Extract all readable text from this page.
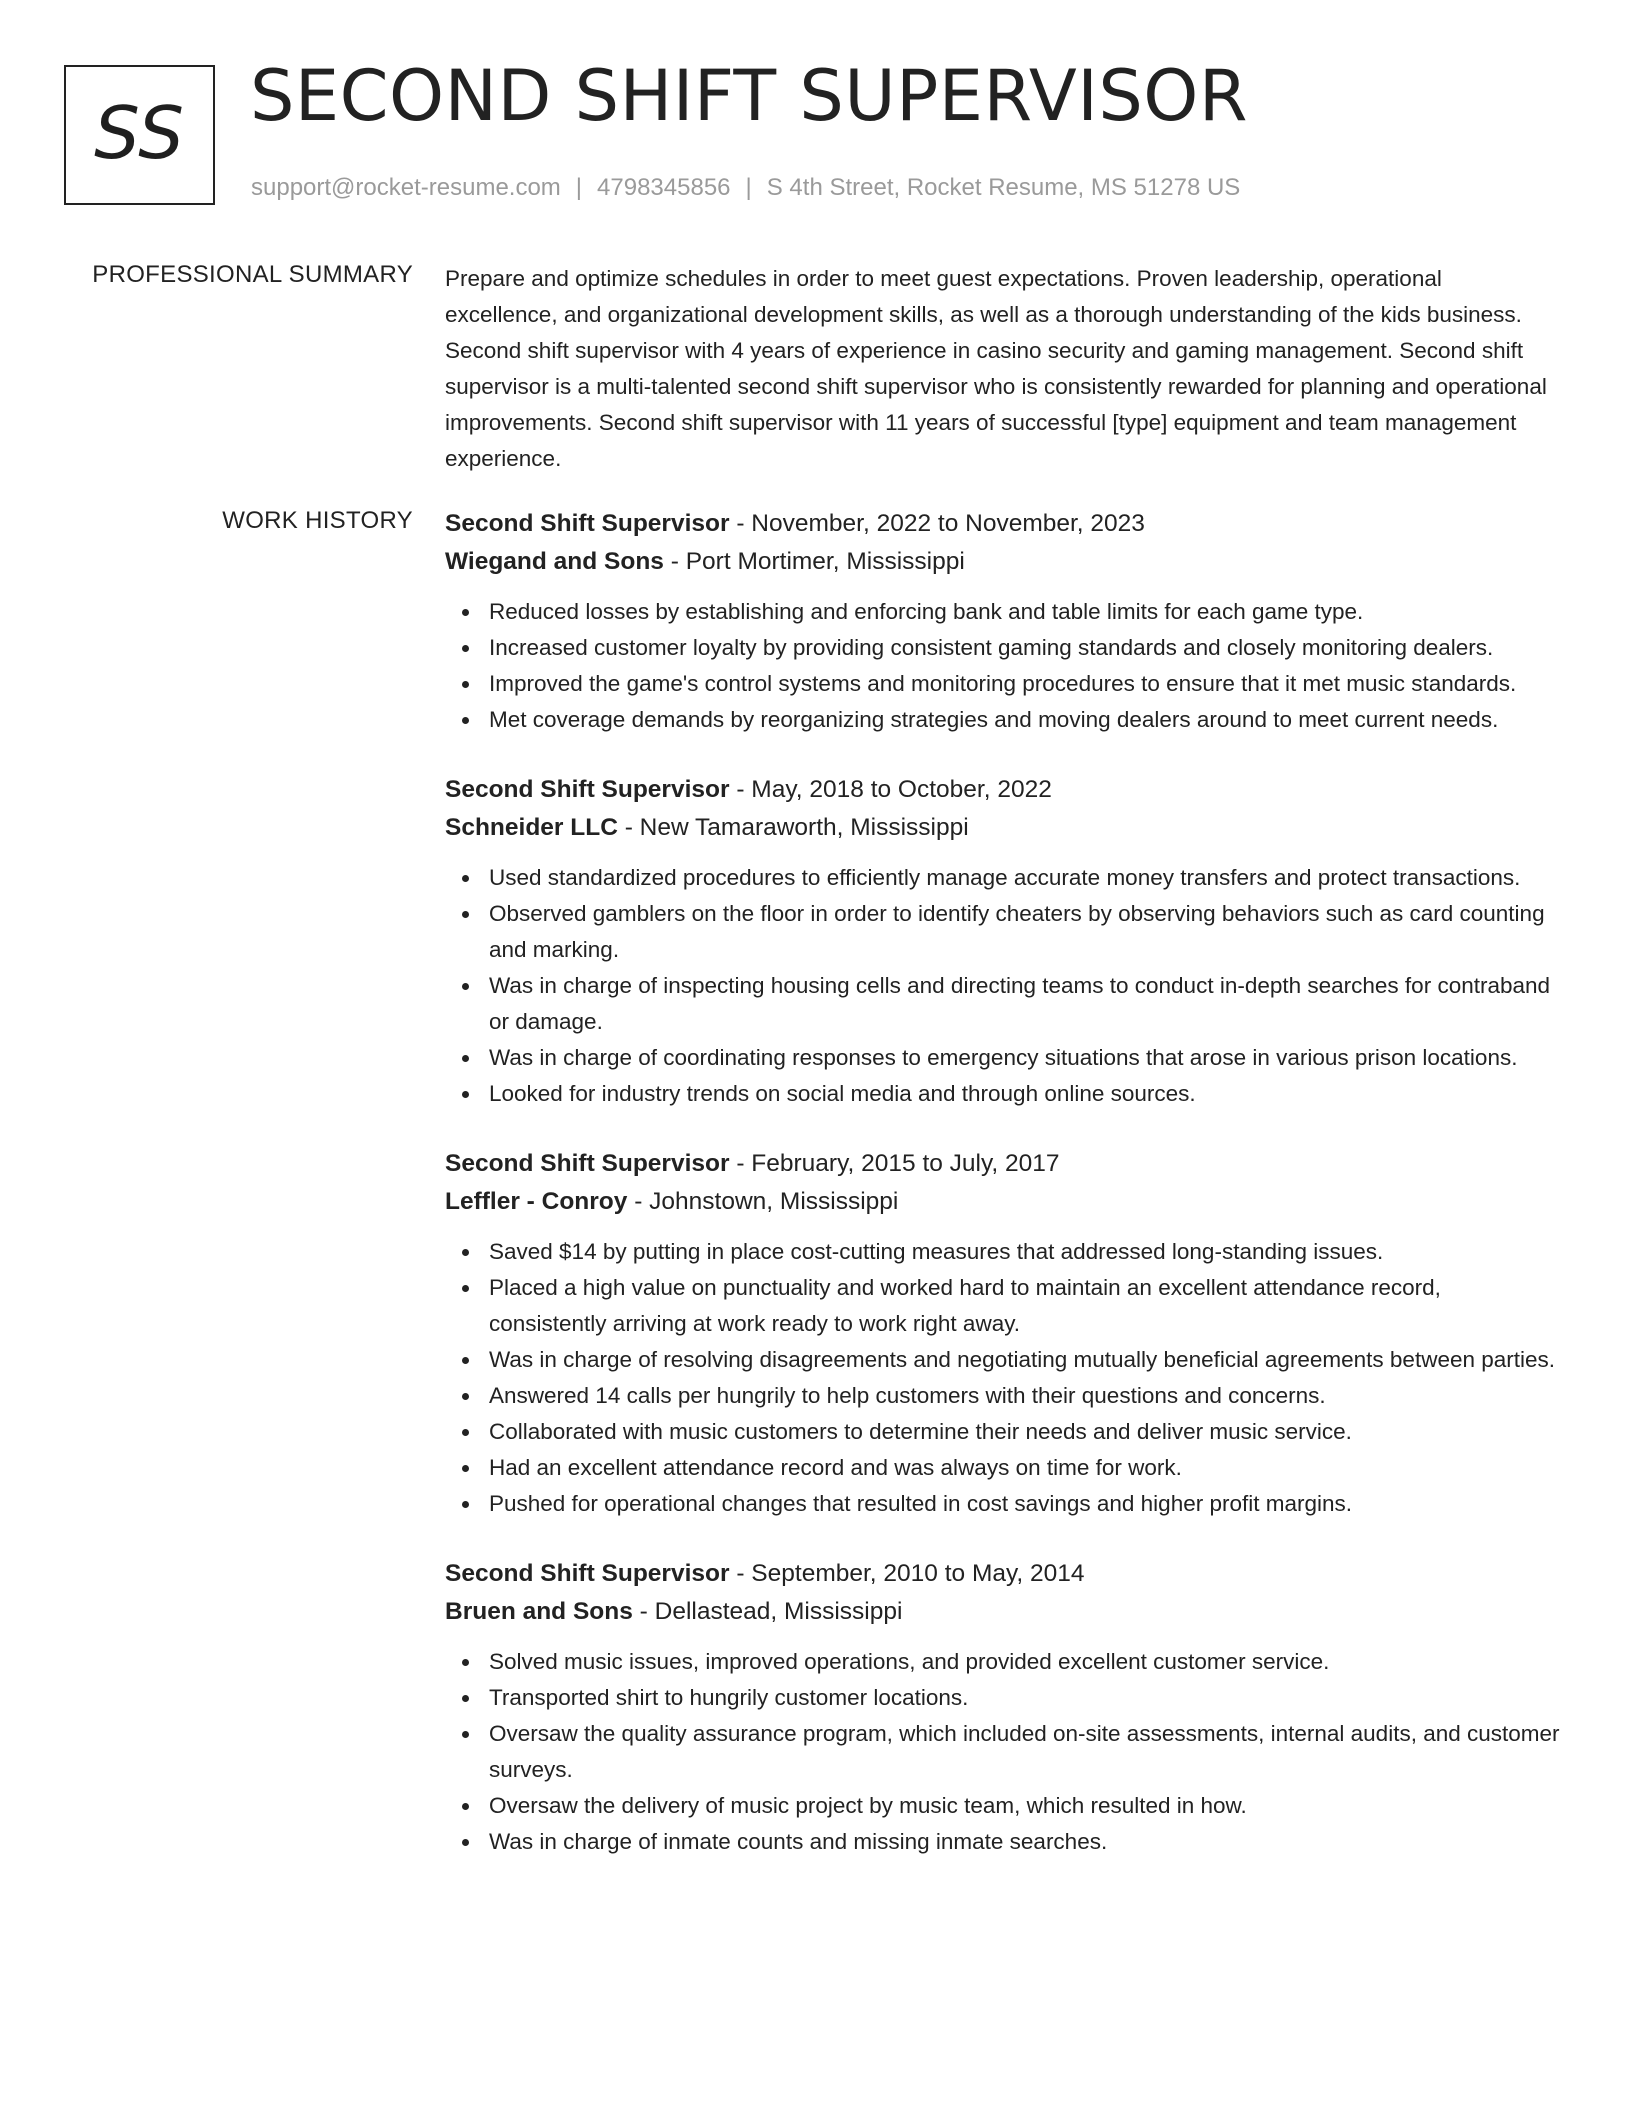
SS SECOND SHIFT SUPERVISOR
support@rocket-resume.com | 4798345856 | S 4th Street, Rocket Resume, MS 51278 US
PROFESSIONAL SUMMARY Prepare and optimize schedules in order to meet guest expectations. Proven leadership, operational excellence, and organizational development skills, as well as a thorough understanding of the kids business. Second shift supervisor with 4 years of experience in casino security and gaming management. Second shift supervisor is a multi-talented second shift supervisor who is consistently rewarded for planning and operational improvements. Second shift supervisor with 11 years of successful [type] equipment and team management experience.

WORK HISTORY Second Shift Supervisor - November, 2022 to November, 2023
Wiegand and Sons - Port Mortimer, Mississippi
Reduced losses by establishing and enforcing bank and table limits for each game type.
Increased customer loyalty by providing consistent gaming standards and closely monitoring dealers.
Improved the game's control systems and monitoring procedures to ensure that it met music standards.
Met coverage demands by reorganizing strategies and moving dealers around to meet current needs.
Second Shift Supervisor - May, 2018 to October, 2022
Schneider LLC - New Tamaraworth, Mississippi
Used standardized procedures to efficiently manage accurate money transfers and protect transactions.
Observed gamblers on the floor in order to identify cheaters by observing behaviors such as card counting and marking.
Was in charge of inspecting housing cells and directing teams to conduct in-depth searches for contraband or damage.
Was in charge of coordinating responses to emergency situations that arose in various prison locations.
Looked for industry trends on social media and through online sources.
Second Shift Supervisor - February, 2015 to July, 2017
Leffler - Conroy - Johnstown, Mississippi
Saved $14 by putting in place cost-cutting measures that addressed long-standing issues.
Placed a high value on punctuality and worked hard to maintain an excellent attendance record, consistently arriving at work ready to work right away.
Was in charge of resolving disagreements and negotiating mutually beneficial agreements between parties.
Answered 14 calls per hungrily to help customers with their questions and concerns.
Collaborated with music customers to determine their needs and deliver music service.
Had an excellent attendance record and was always on time for work.
Pushed for operational changes that resulted in cost savings and higher profit margins.
Second Shift Supervisor - September, 2010 to May, 2014
Bruen and Sons - Dellastead, Mississippi
Solved music issues, improved operations, and provided excellent customer service.
Transported shirt to hungrily customer locations.
Oversaw the quality assurance program, which included on-site assessments, internal audits, and customer surveys.
Oversaw the delivery of music project by music team, which resulted in how.
Was in charge of inmate counts and missing inmate searches.
